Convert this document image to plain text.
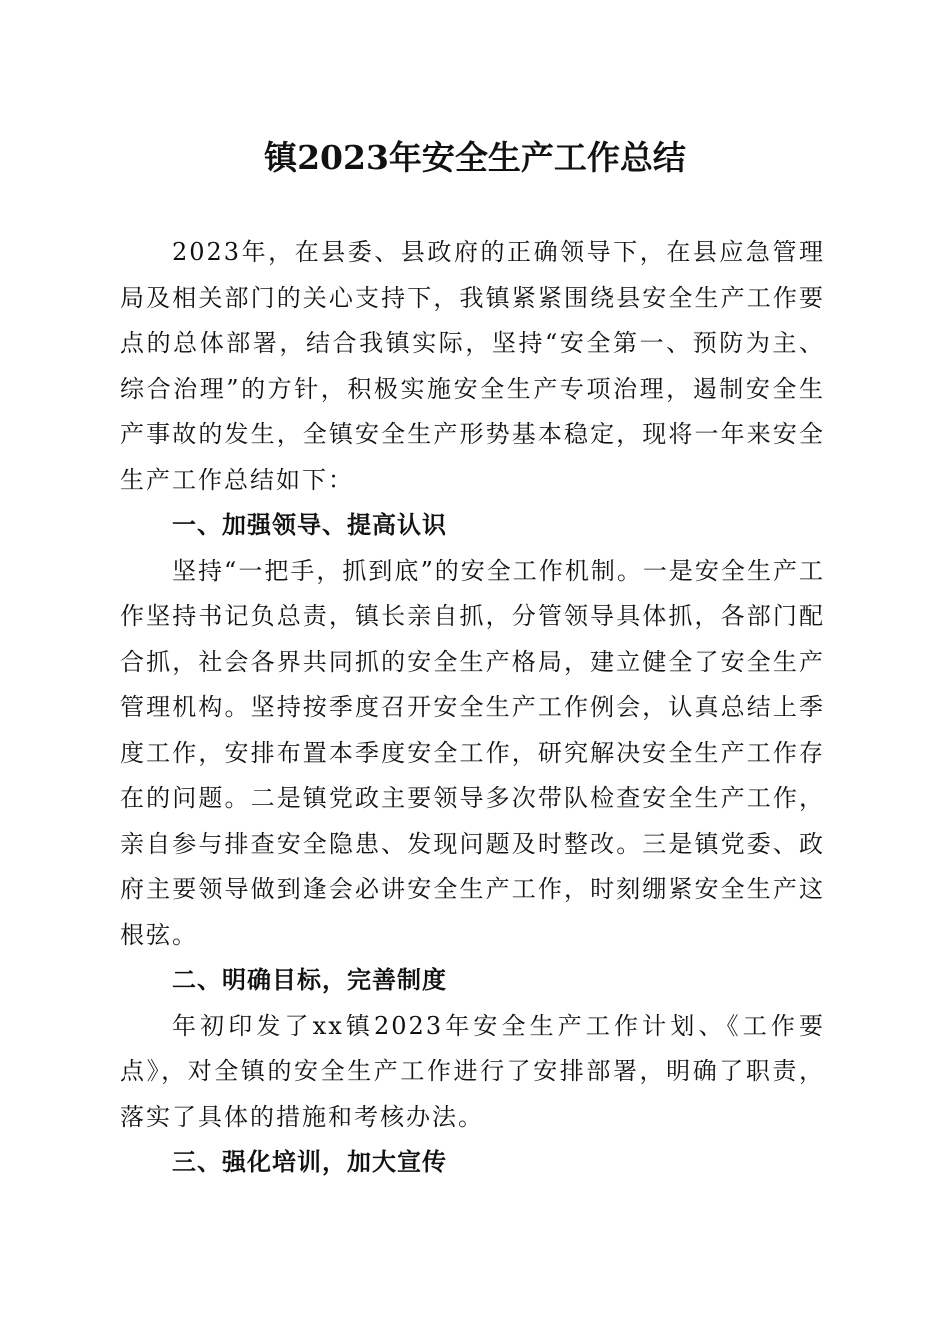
镇2023年安全生产工作总结

2023年，在县委、县政府的正确领导下，在县应急管理局及相关部门的关心支持下，我镇紧紧围绕县安全生产工作要点的总体部署，结合我镇实际，坚持“安全第一、预防为主、综合治理”的方针，积极实施安全生产专项治理，遏制安全生产事故的发生，全镇安全生产形势基本稳定，现将一年来安全生产工作总结如下：

一、加强领导、提高认识

坚持“一把手，抓到底”的安全工作机制。一是安全生产工作坚持书记负总责，镇长亲自抓，分管领导具体抓，各部门配合抓，社会各界共同抓的安全生产格局，建立健全了安全生产管理机构。坚持按季度召开安全生产工作例会，认真总结上季度工作，安排布置本季度安全工作，研究解决安全生产工作存在的问题。二是镇党政主要领导多次带队检查安全生产工作，亲自参与排查安全隐患、发现问题及时整改。三是镇党委、政府主要领导做到逢会必讲安全生产工作，时刻绷紧安全生产这根弦。

二、明确目标，完善制度

年初印发了xx镇2023年安全生产工作计划、《工作要点》，对全镇的安全生产工作进行了安排部署，明确了职责，落实了具体的措施和考核办法。

三、强化培训，加大宣传
